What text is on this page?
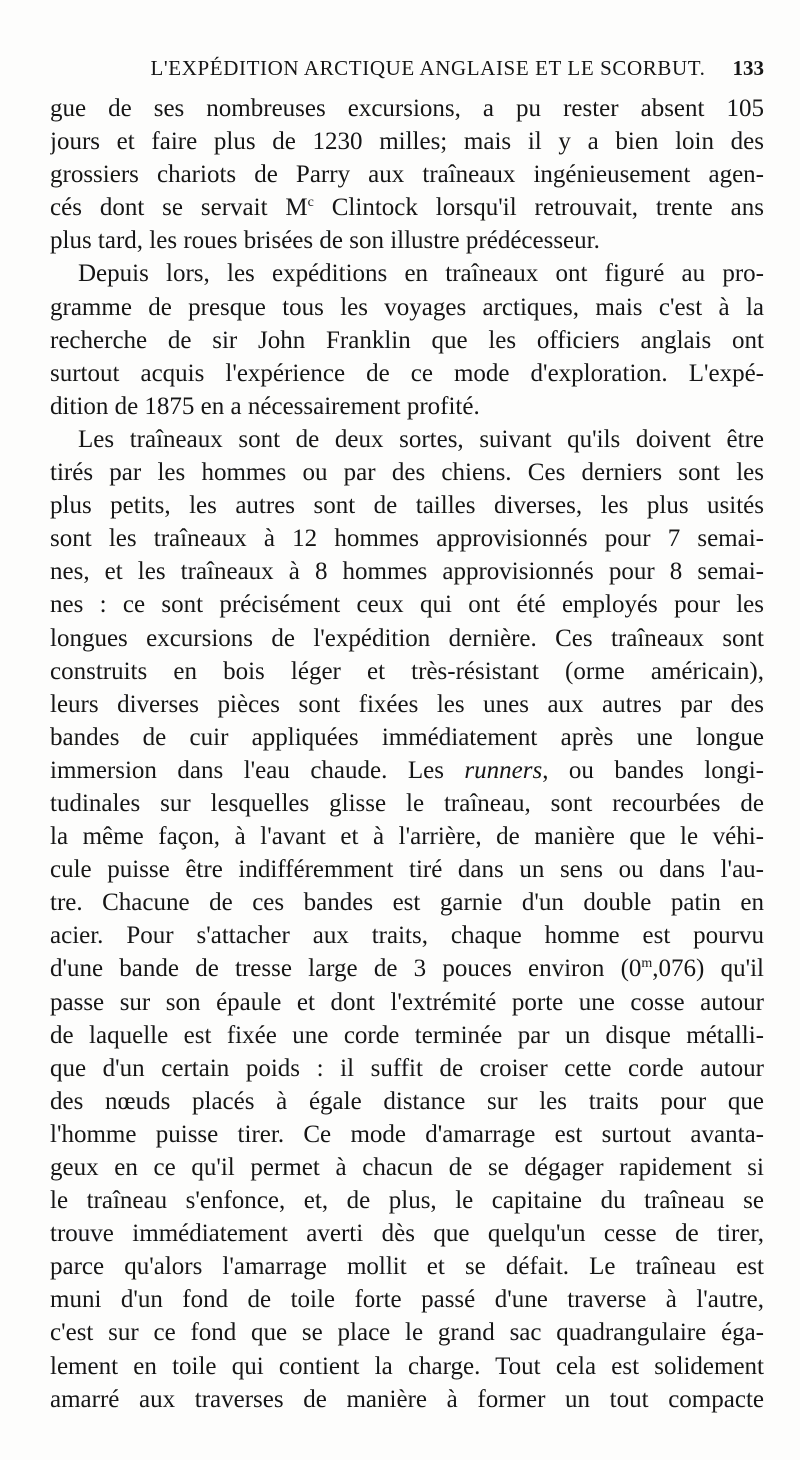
L'EXPÉDITION ARCTIQUE ANGLAISE ET LE SCORBUT. 133
gue de ses nombreuses excursions, a pu rester absent 105
jours et faire plus de 1230 milles; mais il y a bien loin des
grossiers chariots de Parry aux traîneaux ingénieusement agen-
cés dont se servait $M^c$ Clintock lorsqu'il retrouvait, trente ans
plus tard, les roues brisées de son illustre prédécesseur.
Depuis lors, les expéditions en traîneaux ont figuré au pro-
gramme de presque tous les voyages arctiques, mais c'est à la
recherche de sir John Franklin que les officiers anglais ont
surtout acquis l'expérience de ce mode d'exploration. L'expé-
dition de 1875 en a nécessairement profité.
Les traîneaux sont de deux sortes, suivant qu'ils doivent être
tirés par les hommes ou par des chiens. Ces derniers sont les
plus petits, les autres sont de tailles diverses, les plus usités
sont les traîneaux à 12 hommes approvisionnés pour 7 semai-
nes, et les traîneaux à 8 hommes approvisionnés pour 8 semai-
nes : ce sont précisément ceux qui ont été employés pour les
longues excursions de l'expédition dernière. Ces traîneaux sont
construits en bois léger et très-résistant (orme américain),
leurs diverses pièces sont fixées les unes aux autres par des
bandes de cuir appliquées immédiatement après une longue
immersion dans l'eau chaude. Les runners, ou bandes longi-
tudinales sur lesquelles glisse le traîneau, sont recourbées de
la même façon, à l'avant et à l'arrière, de manière que le véhi-
cule puisse être indifféremment tiré dans un sens ou dans l'au-
tre. Chacune de ces bandes est garnie d'un double patin en
acier. Pour s'attacher aux traits, chaque homme est pourvu
d'une bande de tresse large de 3 pouces environ (0$^m$,076) qu'il
passe sur son épaule et dont l'extrémité porte une cosse autour
de laquelle est fixée une corde terminée par un disque métalli-
que d'un certain poids : il suffit de croiser cette corde autour
des nœuds placés à égale distance sur les traits pour que
l'homme puisse tirer. Ce mode d'amarrage est surtout avanta-
geux en ce qu'il permet à chacun de se dégager rapidement si
le traîneau s'enfonce, et, de plus, le capitaine du traîneau se
trouve immédiatement averti dès que quelqu'un cesse de tirer,
parce qu'alors l'amarrage mollit et se défait. Le traîneau est
muni d'un fond de toile forte passé d'une traverse à l'autre,
c'est sur ce fond que se place le grand sac quadrangulaire éga-
lement en toile qui contient la charge. Tout cela est solidement
amarré aux traverses de manière à former un tout compacte
